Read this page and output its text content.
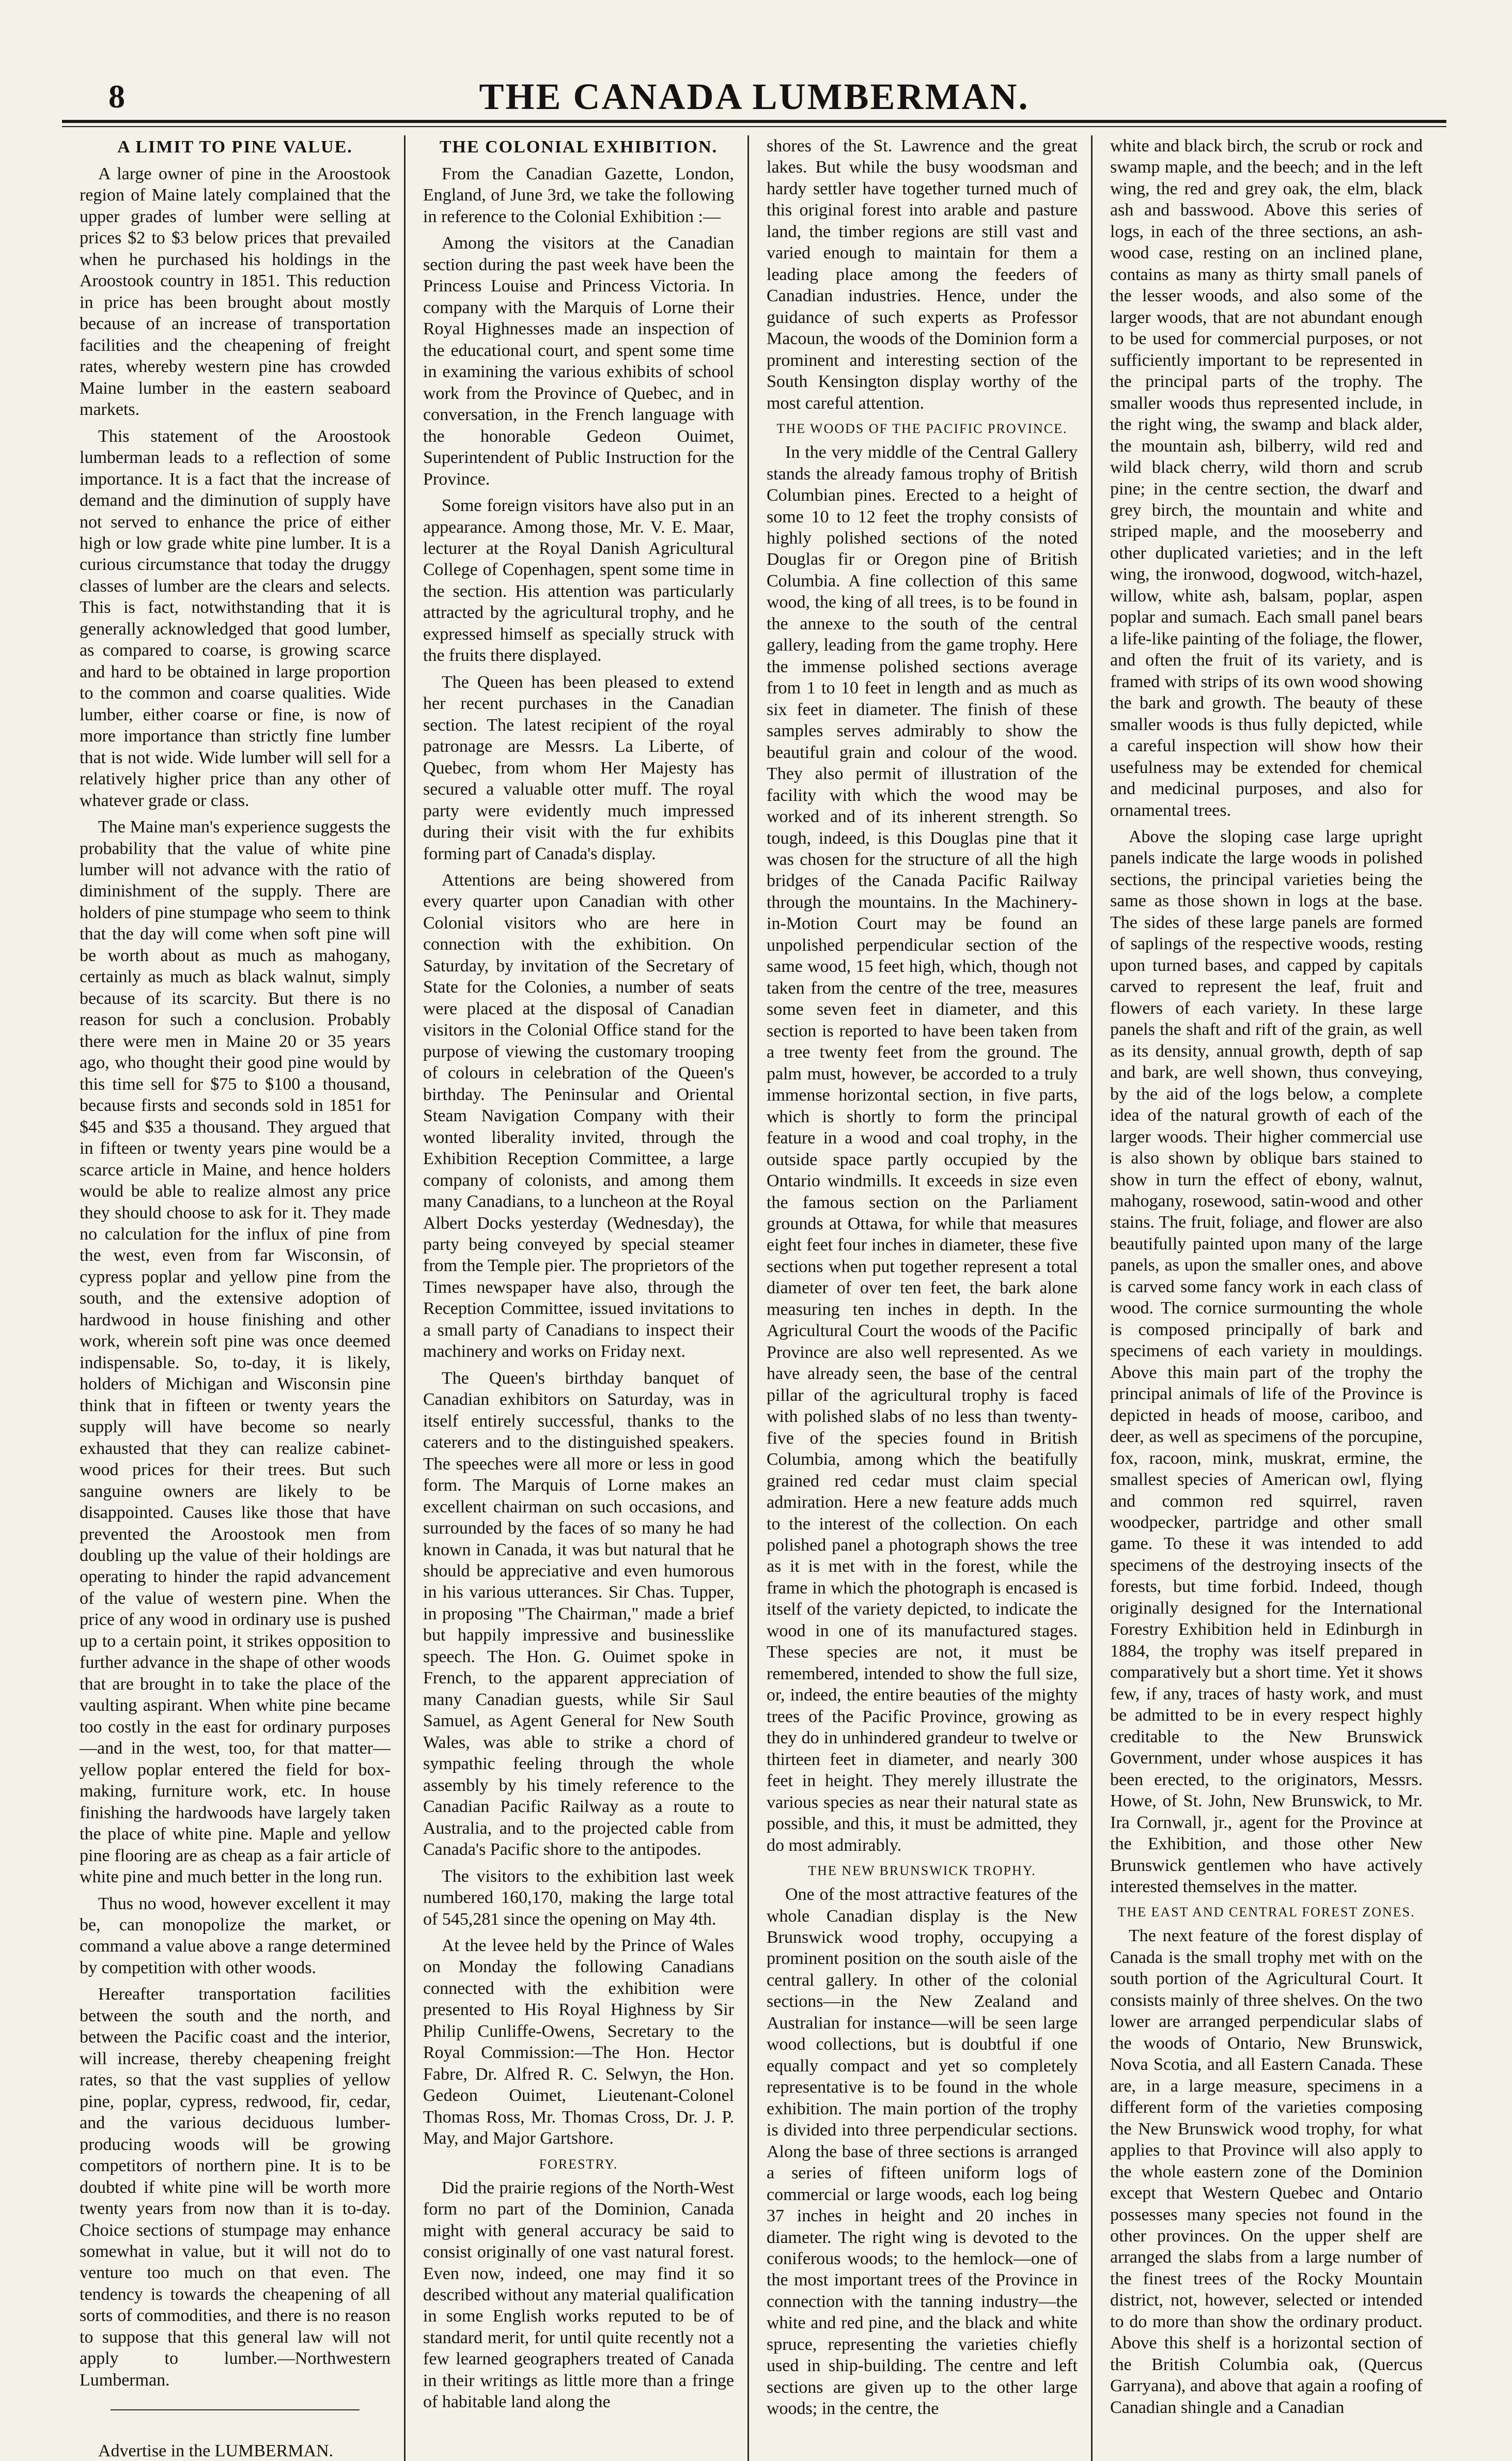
8	THE CANADA LUMBERMAN.
A LIMIT TO PINE VALUE.

A large owner of pine in the Aroostook region of Maine lately complained that the upper grades of lumber were selling at prices $2 to $3 below prices that prevailed when he purchased his holdings in the Aroostook country in 1851. This reduction in price has been brought about mostly because of an increase of transportation facilities and the cheapening of freight rates, whereby western pine has crowded Maine lumber in the eastern seaboard markets.

This statement of the Aroostook lumberman leads to a reflection of some importance. It is a fact that the increase of demand and the diminution of supply have not served to enhance the price of either high or low grade white pine lumber. It is a curious circumstance that today the druggy classes of lumber are the clears and selects. This is fact, notwithstanding that it is generally acknowledged that good lumber, as compared to coarse, is growing scarce and hard to be obtained in large proportion to the common and coarse qualities. Wide lumber, either coarse or fine, is now of more importance than strictly fine lumber that is not wide. Wide lumber will sell for a relatively higher price than any other of whatever grade or class.

The Maine man's experience suggests the probability that the value of white pine lumber will not advance with the ratio of diminishment of the supply. There are holders of pine stumpage who seem to think that the day will come when soft pine will be worth about as much as mahogany, certainly as much as black walnut, simply because of its scarcity. But there is no reason for such a conclusion. Probably there were men in Maine 20 or 35 years ago, who thought their good pine would by this time sell for $75 to $100 a thousand, because firsts and seconds sold in 1851 for $45 and $35 a thousand. They argued that in fifteen or twenty years pine would be a scarce article in Maine, and hence holders would be able to realize almost any price they should choose to ask for it. They made no calculation for the influx of pine from the west, even from far Wisconsin, of cypress poplar and yellow pine from the south, and the extensive adoption of hardwood in house finishing and other work, wherein soft pine was once deemed indispensable. So, to-day, it is likely, holders of Michigan and Wisconsin pine think that in fifteen or twenty years the supply will have become so nearly exhausted that they can realize cabinet-wood prices for their trees. But such sanguine owners are likely to be disappointed. Causes like those that have prevented the Aroostook men from doubling up the value of their holdings are operating to hinder the rapid advancement of the value of western pine. When the price of any wood in ordinary use is pushed up to a certain point, it strikes opposition to further advance in the shape of other woods that are brought in to take the place of the vaulting aspirant. When white pine became too costly in the east for ordinary purposes—and in the west, too, for that matter—yellow poplar entered the field for box-making, furniture work, etc. In house finishing the hardwoods have largely taken the place of white pine. Maple and yellow pine flooring are as cheap as a fair article of white pine and much better in the long run.

Thus no wood, however excellent it may be, can monopolize the market, or command a value above a range determined by competition with other woods.

Hereafter transportation facilities between the south and the north, and between the Pacific coast and the interior, will increase, thereby cheapening freight rates, so that the vast supplies of yellow pine, poplar, cypress, redwood, fir, cedar, and the various deciduous lumber-producing woods will be growing competitors of northern pine. It is to be doubted if white pine will be worth more twenty years from now than it is to-day. Choice sections of stumpage may enhance somewhat in value, but it will not do to venture too much on that even. The tendency is towards the cheapening of all sorts of commodities, and there is no reason to suppose that this general law will not apply to lumber.—Northwestern Lumberman.

Advertise in the LUMBERMAN.
THE COLONIAL EXHIBITION.

From the Canadian Gazette, London, England, of June 3rd, we take the following in reference to the Colonial Exhibition :—

Among the visitors at the Canadian section during the past week have been the Princess Louise and Princess Victoria. In company with the Marquis of Lorne their Royal Highnesses made an inspection of the educational court, and spent some time in examining the various exhibits of school work from the Province of Quebec, and in conversation, in the French language with the honorable Gedeon Ouimet, Superintendent of Public Instruction for the Province.

Some foreign visitors have also put in an appearance. Among those, Mr. V. E. Maar, lecturer at the Royal Danish Agricultural College of Copenhagen, spent some time in the section. His attention was particularly attracted by the agricultural trophy, and he expressed himself as specially struck with the fruits there displayed.

The Queen has been pleased to extend her recent purchases in the Canadian section. The latest recipient of the royal patronage are Messrs. La Liberte, of Quebec, from whom Her Majesty has secured a valuable otter muff. The royal party were evidently much impressed during their visit with the fur exhibits forming part of Canada's display.

Attentions are being showered from every quarter upon Canadian with other Colonial visitors who are here in connection with the exhibition. On Saturday, by invitation of the Secretary of State for the Colonies, a number of seats were placed at the disposal of Canadian visitors in the Colonial Office stand for the purpose of viewing the customary trooping of colours in celebration of the Queen's birthday. The Peninsular and Oriental Steam Navigation Company with their wonted liberality invited, through the Exhibition Reception Committee, a large company of colonists, and among them many Canadians, to a luncheon at the Royal Albert Docks yesterday (Wednesday), the party being conveyed by special steamer from the Temple pier. The proprietors of the Times newspaper have also, through the Reception Committee, issued invitations to a small party of Canadians to inspect their machinery and works on Friday next.

The Queen's birthday banquet of Canadian exhibitors on Saturday, was in itself entirely successful, thanks to the caterers and to the distinguished speakers. The speeches were all more or less in good form. The Marquis of Lorne makes an excellent chairman on such occasions, and surrounded by the faces of so many he had known in Canada, it was but natural that he should be appreciative and even humorous in his various utterances. Sir Chas. Tupper, in proposing "The Chairman," made a brief but happily impressive and businesslike speech. The Hon. G. Ouimet spoke in French, to the apparent appreciation of many Canadian guests, while Sir Saul Samuel, as Agent General for New South Wales, was able to strike a chord of sympathic feeling through the whole assembly by his timely reference to the Canadian Pacific Railway as a route to Australia, and to the projected cable from Canada's Pacific shore to the antipodes.

The visitors to the exhibition last week numbered 160,170, making the large total of 545,281 since the opening on May 4th.

At the levee held by the Prince of Wales on Monday the following Canadians connected with the exhibition were presented to His Royal Highness by Sir Philip Cunliffe-Owens, Secretary to the Royal Commission:—The Hon. Hector Fabre, Dr. Alfred R. C. Selwyn, the Hon. Gedeon Ouimet, Lieutenant-Colonel Thomas Ross, Mr. Thomas Cross, Dr. J. P. May, and Major Gartshore.

FORESTRY.

Did the prairie regions of the North-West form no part of the Dominion, Canada might with general accuracy be said to consist originally of one vast natural forest. Even now, indeed, one may find it so described without any material qualification in some English works reputed to be of standard merit, for until quite recently not a few learned geographers treated of Canada in their writings as little more than a fringe of habitable land along the

shores of the St. Lawrence and the great lakes. But while the busy woodsman and hardy settler have together turned much of this original forest into arable and pasture land, the timber regions are still vast and varied enough to maintain for them a leading place among the feeders of Canadian industries. Hence, under the guidance of such experts as Professor Macoun, the woods of the Dominion form a prominent and interesting section of the South Kensington display worthy of the most careful attention.

THE WOODS OF THE PACIFIC PROVINCE.

In the very middle of the Central Gallery stands the already famous trophy of British Columbian pines. Erected to a height of some 10 to 12 feet the trophy consists of highly polished sections of the noted Douglas fir or Oregon pine of British Columbia. A fine collection of this same wood, the king of all trees, is to be found in the annexe to the south of the central gallery, leading from the game trophy. Here the immense polished sections average from 1 to 10 feet in length and as much as six feet in diameter. The finish of these samples serves admirably to show the beautiful grain and colour of the wood. They also permit of illustration of the facility with which the wood may be worked and of its inherent strength. So tough, indeed, is this Douglas pine that it was chosen for the structure of all the high bridges of the Canada Pacific Railway through the mountains. In the Machinery-in-Motion Court may be found an unpolished perpendicular section of the same wood, 15 feet high, which, though not taken from the centre of the tree, measures some seven feet in diameter, and this section is reported to have been taken from a tree twenty feet from the ground. The palm must, however, be accorded to a truly immense horizontal section, in five parts, which is shortly to form the principal feature in a wood and coal trophy, in the outside space partly occupied by the Ontario windmills. It exceeds in size even the famous section on the Parliament grounds at Ottawa, for while that measures eight feet four inches in diameter, these five sections when put together represent a total diameter of over ten feet, the bark alone measuring ten inches in depth. In the Agricultural Court the woods of the Pacific Province are also well represented. As we have already seen, the base of the central pillar of the agricultural trophy is faced with polished slabs of no less than twenty-five of the species found in British Columbia, among which the beatifully grained red cedar must claim special admiration. Here a new feature adds much to the interest of the collection. On each polished panel a photograph shows the tree as it is met with in the forest, while the frame in which the photograph is encased is itself of the variety depicted, to indicate the wood in one of its manufactured stages. These species are not, it must be remembered, intended to show the full size, or, indeed, the entire beauties of the mighty trees of the Pacific Province, growing as they do in unhindered grandeur to twelve or thirteen feet in diameter, and nearly 300 feet in height. They merely illustrate the various species as near their natural state as possible, and this, it must be admitted, they do most admirably.

THE NEW BRUNSWICK TROPHY.

One of the most attractive features of the whole Canadian display is the New Brunswick wood trophy, occupying a prominent position on the south aisle of the central gallery. In other of the colonial sections—in the New Zealand and Australian for instance—will be seen large wood collections, but is doubtful if one equally compact and yet so completely representative is to be found in the whole exhibition. The main portion of the trophy is divided into three perpendicular sections. Along the base of three sections is arranged a series of fifteen uniform logs of commercial or large woods, each log being 37 inches in height and 20 inches in diameter. The right wing is devoted to the coniferous woods; to the hemlock—one of the most important trees of the Province in connection with the tanning industry—the white and red pine, and the black and white spruce, representing the varieties chiefly used in ship-building. The centre and left sections are given up to the other large woods; in the centre, the

white and black birch, the scrub or rock and swamp maple, and the beech; and in the left wing, the red and grey oak, the elm, black ash and basswood. Above this series of logs, in each of the three sections, an ash-wood case, resting on an inclined plane, contains as many as thirty small panels of the lesser woods, and also some of the larger woods, that are not abundant enough to be used for commercial purposes, or not sufficiently important to be represented in the principal parts of the trophy. The smaller woods thus represented include, in the right wing, the swamp and black alder, the mountain ash, bilberry, wild red and wild black cherry, wild thorn and scrub pine; in the centre section, the dwarf and grey birch, the mountain and white and striped maple, and the mooseberry and other duplicated varieties; and in the left wing, the ironwood, dogwood, witch-hazel, willow, white ash, balsam, poplar, aspen poplar and sumach. Each small panel bears a life-like painting of the foliage, the flower, and often the fruit of its variety, and is framed with strips of its own wood showing the bark and growth. The beauty of these smaller woods is thus fully depicted, while a careful inspection will show how their usefulness may be extended for chemical and medicinal purposes, and also for ornamental trees.

Above the sloping case large upright panels indicate the large woods in polished sections, the principal varieties being the same as those shown in logs at the base. The sides of these large panels are formed of saplings of the respective woods, resting upon turned bases, and capped by capitals carved to represent the leaf, fruit and flowers of each variety. In these large panels the shaft and rift of the grain, as well as its density, annual growth, depth of sap and bark, are well shown, thus conveying, by the aid of the logs below, a complete idea of the natural growth of each of the larger woods. Their higher commercial use is also shown by oblique bars stained to show in turn the effect of ebony, walnut, mahogany, rosewood, satin-wood and other stains. The fruit, foliage, and flower are also beautifully painted upon many of the large panels, as upon the smaller ones, and above is carved some fancy work in each class of wood. The cornice surmounting the whole is composed principally of bark and specimens of each variety in mouldings. Above this main part of the trophy the principal animals of life of the Province is depicted in heads of moose, cariboo, and deer, as well as specimens of the porcupine, fox, racoon, mink, muskrat, ermine, the smallest species of American owl, flying and common red squirrel, raven woodpecker, partridge and other small game. To these it was intended to add specimens of the destroying insects of the forests, but time forbid. Indeed, though originally designed for the International Forestry Exhibition held in Edinburgh in 1884, the trophy was itself prepared in comparatively but a short time. Yet it shows few, if any, traces of hasty work, and must be admitted to be in every respect highly creditable to the New Brunswick Government, under whose auspices it has been erected, to the originators, Messrs. Howe, of St. John, New Brunswick, to Mr. Ira Cornwall, jr., agent for the Province at the Exhibition, and those other New Brunswick gentlemen who have actively interested themselves in the matter.

THE EAST AND CENTRAL FOREST ZONES.

The next feature of the forest display of Canada is the small trophy met with on the south portion of the Agricultural Court. It consists mainly of three shelves. On the two lower are arranged perpendicular slabs of the woods of Ontario, New Brunswick, Nova Scotia, and all Eastern Canada. These are, in a large measure, specimens in a different form of the varieties composing the New Brunswick wood trophy, for what applies to that Province will also apply to the whole eastern zone of the Dominion except that Western Quebec and Ontario possesses many species not found in the other provinces. On the upper shelf are arranged the slabs from a large number of the finest trees of the Rocky Mountain district, not, however, selected or intended to do more than show the ordinary product. Above this shelf is a horizontal section of the British Columbia oak, (Quercus Garryana), and above that again a roofing of Canadian shingle and a Canadian
